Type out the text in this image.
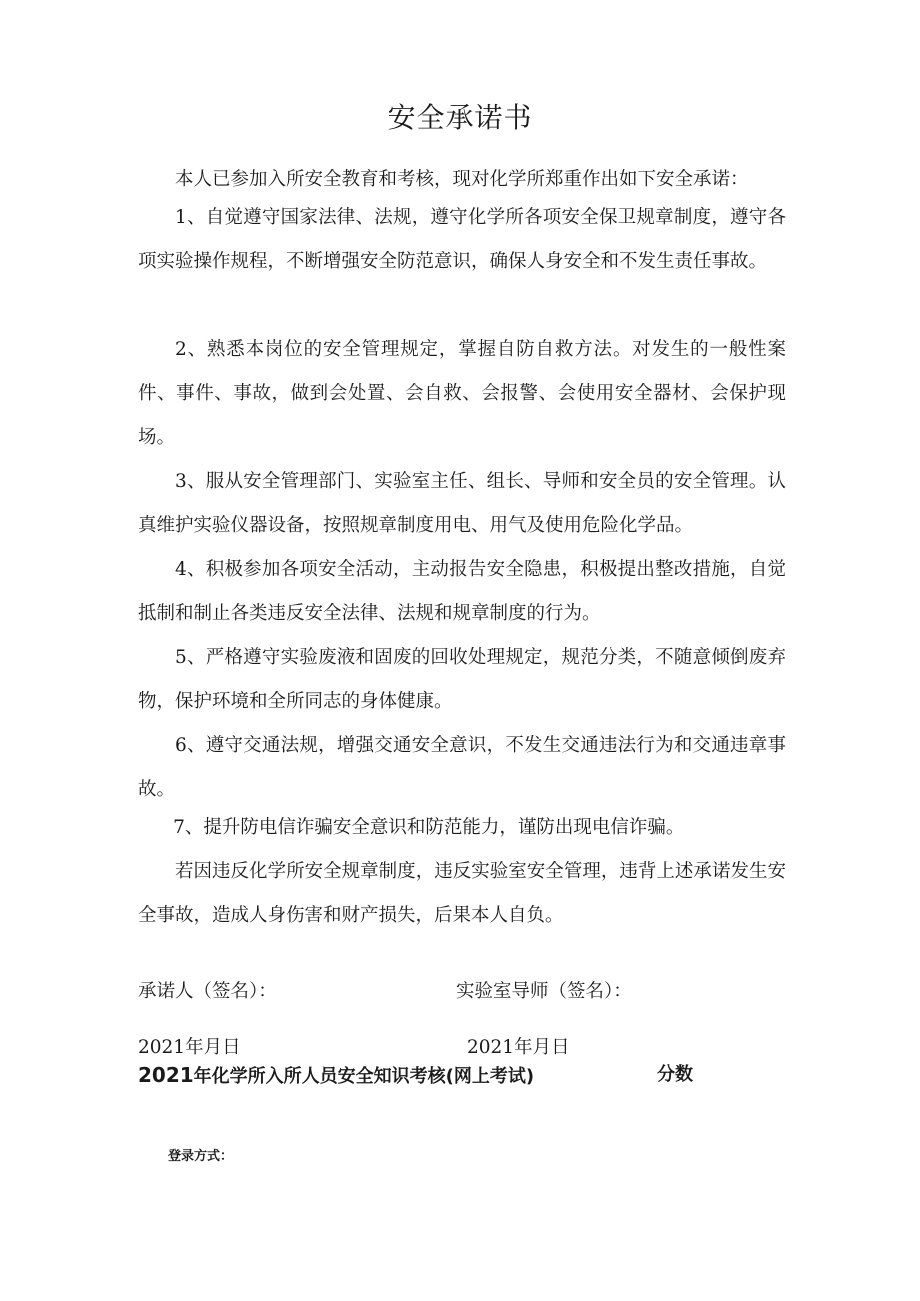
安全承诺书

本人已参加入所安全教育和考核，现对化学所郑重作出如下安全承诺：

1、自觉遵守国家法律、法规，遵守化学所各项安全保卫规章制度，遵守各项实验操作规程，不断增强安全防范意识，确保人身安全和不发生责任事故。

2、熟悉本岗位的安全管理规定，掌握自防自救方法。对发生的一般性案件、事件、事故，做到会处置、会自救、会报警、会使用安全器材、会保护现场。

3、服从安全管理部门、实验室主任、组长、导师和安全员的安全管理。认真维护实验仪器设备，按照规章制度用电、用气及使用危险化学品。

4、积极参加各项安全活动，主动报告安全隐患，积极提出整改措施，自觉抵制和制止各类违反安全法律、法规和规章制度的行为。

5、严格遵守实验废液和固废的回收处理规定，规范分类，不随意倾倒废弃物，保护环境和全所同志的身体健康。

6、遵守交通法规，增强交通安全意识，不发生交通违法行为和交通违章事故。

7、提升防电信诈骗安全意识和防范能力，谨防出现电信诈骗。

若因违反化学所安全规章制度，违反实验室安全管理，违背上述承诺发生安全事故，造成人身伤害和财产损失，后果本人自负。

承诺人（签名）：	实验室导师（签名）：
2021年月日	2021年月日
2021年化学所入所人员安全知识考核(网上考试)	分数
登录方式：
